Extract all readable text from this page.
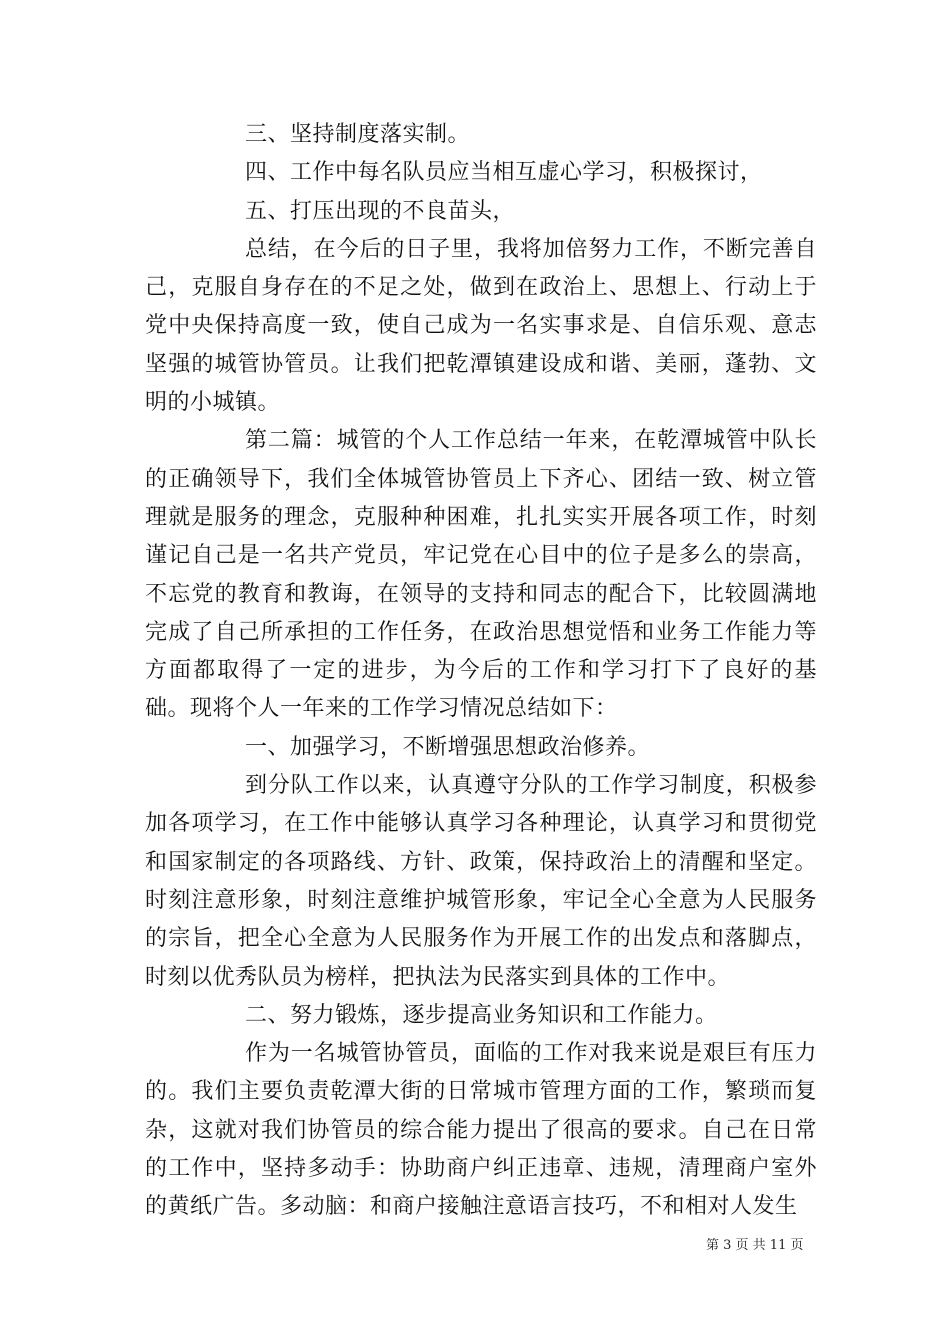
三、坚持制度落实制。

四、工作中每名队员应当相互虚心学习，积极探讨，

五、打压出现的不良苗头，

总结，在今后的日子里，我将加倍努力工作，不断完善自己，克服自身存在的不足之处，做到在政治上、思想上、行动上于党中央保持高度一致，使自己成为一名实事求是、自信乐观、意志坚强的城管协管员。让我们把乾潭镇建设成和谐、美丽，蓬勃、文明的小城镇。

第二篇：城管的个人工作总结一年来，在乾潭城管中队长的正确领导下，我们全体城管协管员上下齐心、团结一致、树立管理就是服务的理念，克服种种困难，扎扎实实开展各项工作，时刻谨记自己是一名共产党员，牢记党在心目中的位子是多么的崇高，不忘党的教育和教诲，在领导的支持和同志的配合下，比较圆满地完成了自己所承担的工作任务，在政治思想觉悟和业务工作能力等方面都取得了一定的进步，为今后的工作和学习打下了良好的基础。现将个人一年来的工作学习情况总结如下：

一、加强学习，不断增强思想政治修养。

到分队工作以来，认真遵守分队的工作学习制度，积极参加各项学习，在工作中能够认真学习各种理论，认真学习和贯彻党和国家制定的各项路线、方针、政策，保持政治上的清醒和坚定。时刻注意形象，时刻注意维护城管形象，牢记全心全意为人民服务的宗旨，把全心全意为人民服务作为开展工作的出发点和落脚点，时刻以优秀队员为榜样，把执法为民落实到具体的工作中。

二、努力锻炼，逐步提高业务知识和工作能力。

作为一名城管协管员，面临的工作对我来说是艰巨有压力的。我们主要负责乾潭大街的日常城市管理方面的工作，繁琐而复杂，这就对我们协管员的综合能力提出了很高的要求。自己在日常的工作中，坚持多动手：协助商户纠正违章、违规，清理商户室外的黄纸广告。多动脑：和商户接触注意语言技巧，不和相对人发生

第 3 页 共 11 页
